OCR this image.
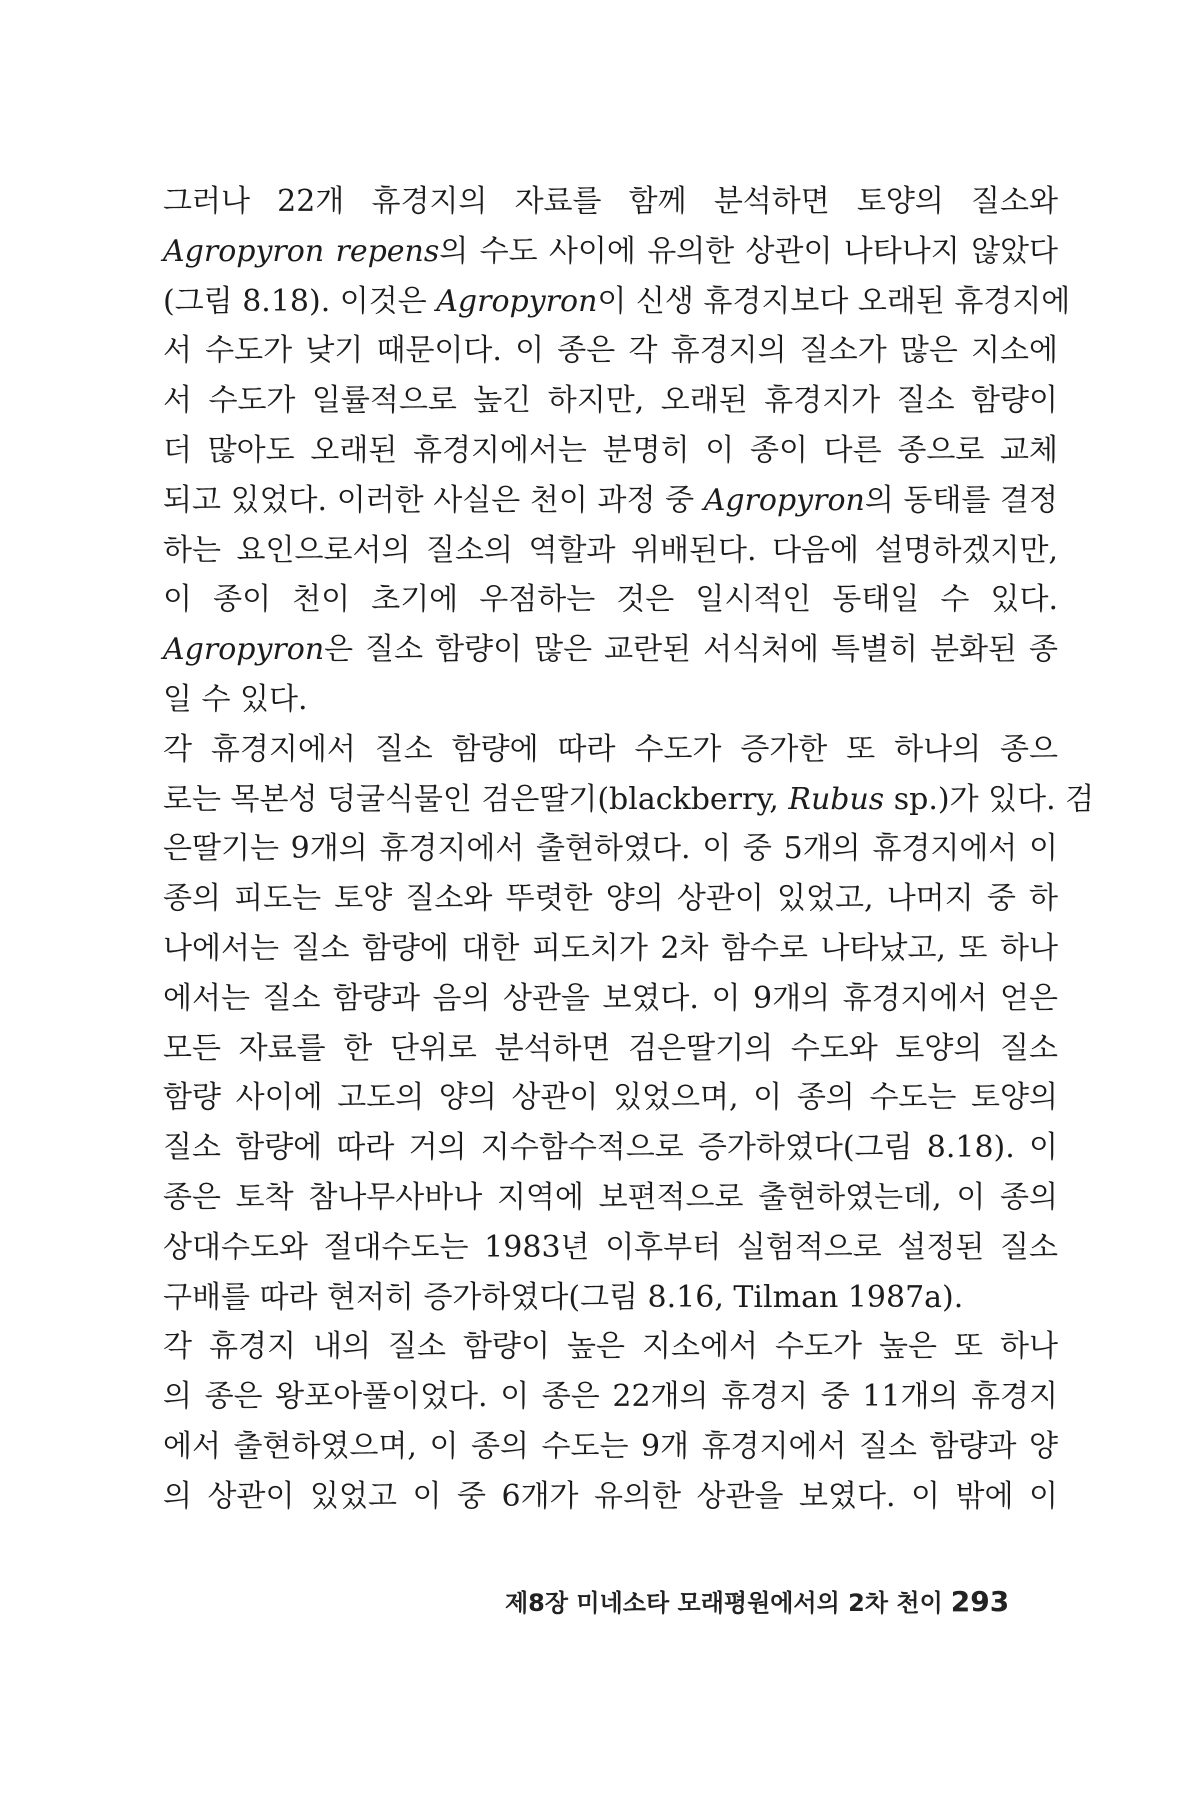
그러나 22개 휴경지의 자료를 함께 분석하면 토양의 질소와
Agropyron repens의 수도 사이에 유의한 상관이 나타나지 않았다
(그림 8.18). 이것은 Agropyron이 신생 휴경지보다 오래된 휴경지에
서 수도가 낮기 때문이다. 이 종은 각 휴경지의 질소가 많은 지소에
서 수도가 일률적으로 높긴 하지만, 오래된 휴경지가 질소 함량이
더 많아도 오래된 휴경지에서는 분명히 이 종이 다른 종으로 교체
되고 있었다. 이러한 사실은 천이 과정 중 Agropyron의 동태를 결정
하는 요인으로서의 질소의 역할과 위배된다. 다음에 설명하겠지만,
이 종이 천이 초기에 우점하는 것은 일시적인 동태일 수 있다.
Agropyron은 질소 함량이 많은 교란된 서식처에 특별히 분화된 종
일 수 있다.
각 휴경지에서 질소 함량에 따라 수도가 증가한 또 하나의 종으
로는 목본성 덩굴식물인 검은딸기(blackberry, Rubus sp.)가 있다. 검
은딸기는 9개의 휴경지에서 출현하였다. 이 중 5개의 휴경지에서 이
종의 피도는 토양 질소와 뚜렷한 양의 상관이 있었고, 나머지 중 하
나에서는 질소 함량에 대한 피도치가 2차 함수로 나타났고, 또 하나
에서는 질소 함량과 음의 상관을 보였다. 이 9개의 휴경지에서 얻은
모든 자료를 한 단위로 분석하면 검은딸기의 수도와 토양의 질소
함량 사이에 고도의 양의 상관이 있었으며, 이 종의 수도는 토양의
질소 함량에 따라 거의 지수함수적으로 증가하였다(그림 8.18). 이
종은 토착 참나무사바나 지역에 보편적으로 출현하였는데, 이 종의
상대수도와 절대수도는 1983년 이후부터 실험적으로 설정된 질소
구배를 따라 현저히 증가하였다(그림 8.16, Tilman 1987a).
각 휴경지 내의 질소 함량이 높은 지소에서 수도가 높은 또 하나
의 종은 왕포아풀이었다. 이 종은 22개의 휴경지 중 11개의 휴경지
에서 출현하였으며, 이 종의 수도는 9개 휴경지에서 질소 함량과 양
의 상관이 있었고 이 중 6개가 유의한 상관을 보였다. 이 밖에 이
제8장 미네소타 모래평원에서의 2차 천이 293
